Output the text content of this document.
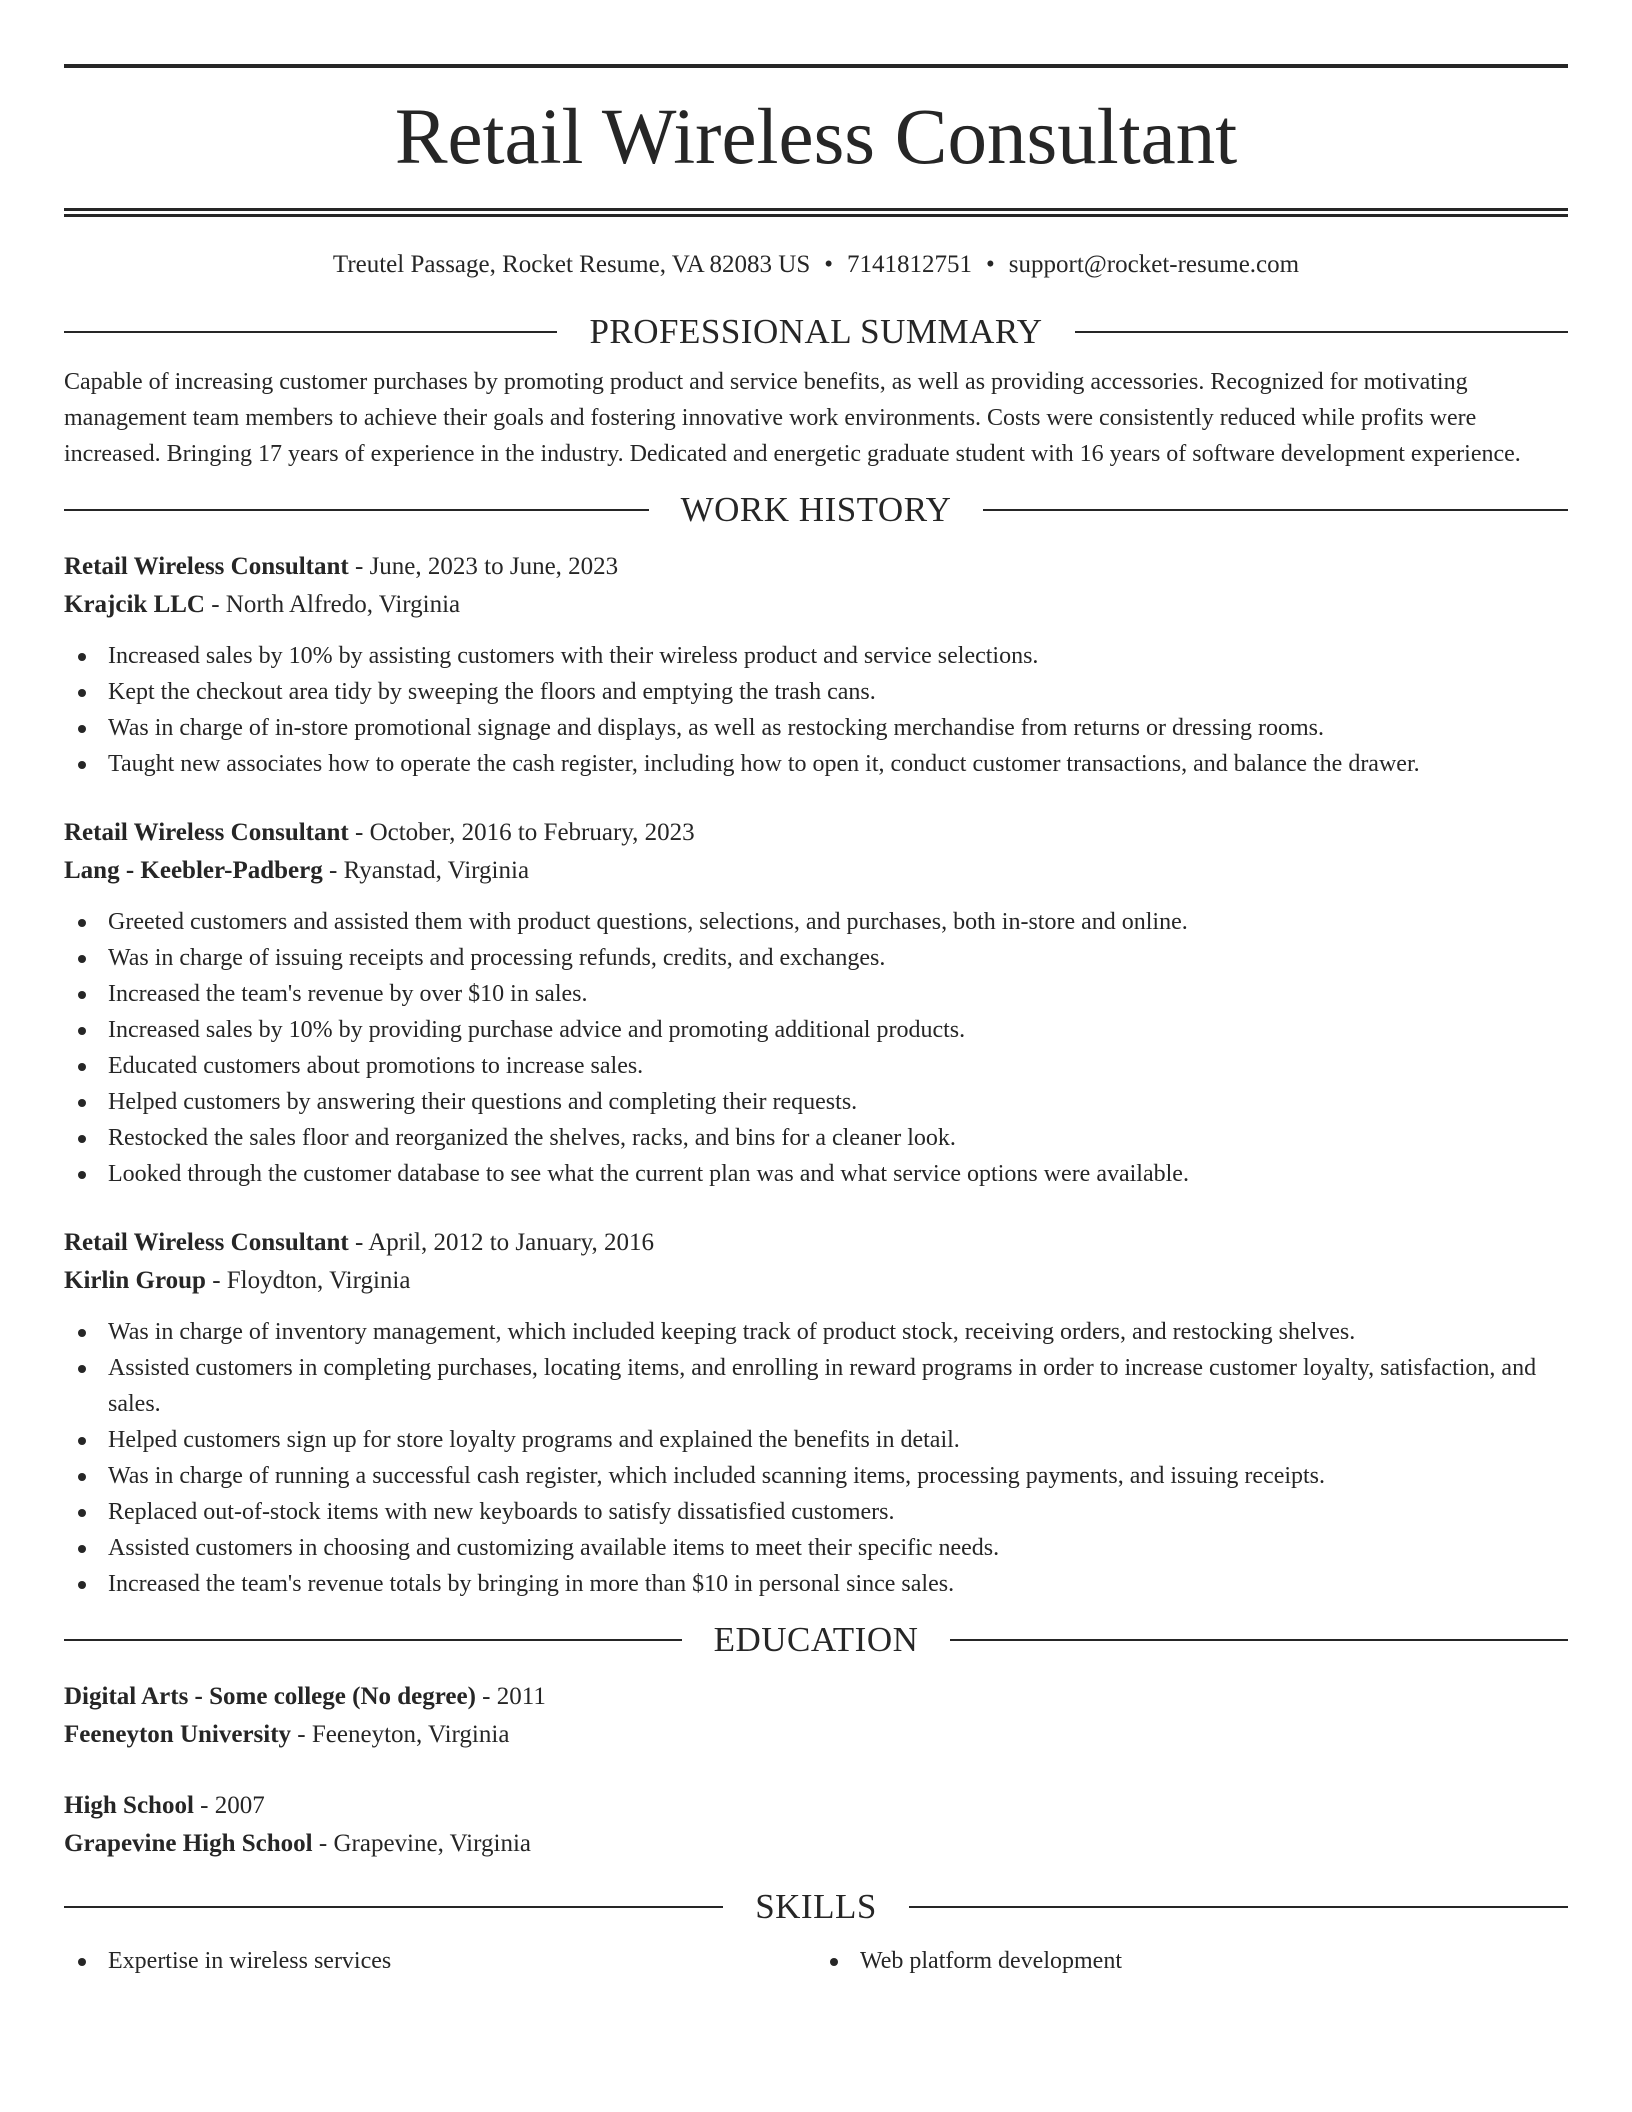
Retail Wireless Consultant
Treutel Passage, Rocket Resume, VA 82083 US • 7141812751 • support@rocket-resume.com
PROFESSIONAL SUMMARY
Capable of increasing customer purchases by promoting product and service benefits, as well as providing accessories. Recognized for motivating management team members to achieve their goals and fostering innovative work environments. Costs were consistently reduced while profits were increased. Bringing 17 years of experience in the industry. Dedicated and energetic graduate student with 16 years of software development experience.
WORK HISTORY
Retail Wireless Consultant - June, 2023 to June, 2023
Krajcik LLC - North Alfredo, Virginia
Increased sales by 10% by assisting customers with their wireless product and service selections.
Kept the checkout area tidy by sweeping the floors and emptying the trash cans.
Was in charge of in-store promotional signage and displays, as well as restocking merchandise from returns or dressing rooms.
Taught new associates how to operate the cash register, including how to open it, conduct customer transactions, and balance the drawer.
Retail Wireless Consultant - October, 2016 to February, 2023
Lang - Keebler-Padberg - Ryanstad, Virginia
Greeted customers and assisted them with product questions, selections, and purchases, both in-store and online.
Was in charge of issuing receipts and processing refunds, credits, and exchanges.
Increased the team's revenue by over $10 in sales.
Increased sales by 10% by providing purchase advice and promoting additional products.
Educated customers about promotions to increase sales.
Helped customers by answering their questions and completing their requests.
Restocked the sales floor and reorganized the shelves, racks, and bins for a cleaner look.
Looked through the customer database to see what the current plan was and what service options were available.
Retail Wireless Consultant - April, 2012 to January, 2016
Kirlin Group - Floydton, Virginia
Was in charge of inventory management, which included keeping track of product stock, receiving orders, and restocking shelves.
Assisted customers in completing purchases, locating items, and enrolling in reward programs in order to increase customer loyalty, satisfaction, and sales.
Helped customers sign up for store loyalty programs and explained the benefits in detail.
Was in charge of running a successful cash register, which included scanning items, processing payments, and issuing receipts.
Replaced out-of-stock items with new keyboards to satisfy dissatisfied customers.
Assisted customers in choosing and customizing available items to meet their specific needs.
Increased the team's revenue totals by bringing in more than $10 in personal since sales.
EDUCATION
Digital Arts - Some college (No degree) - 2011
Feeneyton University - Feeneyton, Virginia
High School - 2007
Grapevine High School - Grapevine, Virginia
SKILLS
Expertise in wireless services	Web platform development
